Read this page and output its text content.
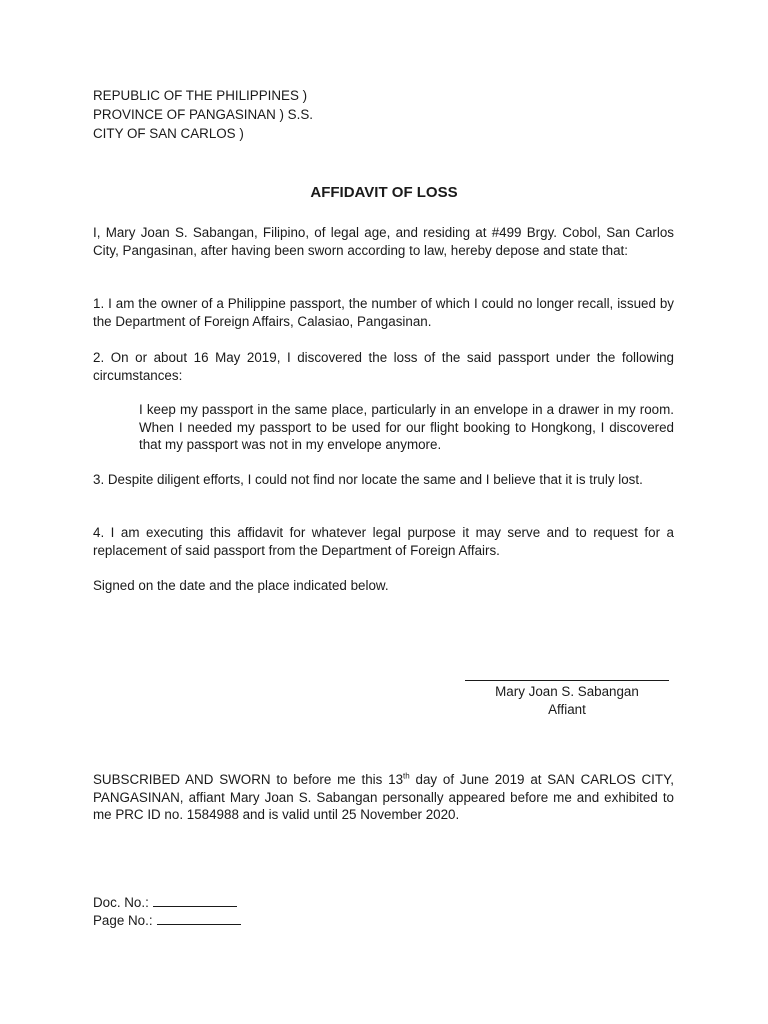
REPUBLIC OF THE PHILIPPINES )
PROVINCE OF PANGASINAN ) S.S.
CITY OF SAN CARLOS )
AFFIDAVIT OF LOSS

I, Mary Joan S. Sabangan, Filipino, of legal age, and residing at #499 Brgy. Cobol, San Carlos City, Pangasinan, after having been sworn according to law, hereby depose and state that:

1. I am the owner of a Philippine passport, the number of which I could no longer recall, issued by the Department of Foreign Affairs, Calasiao, Pangasinan.

2. On or about 16 May 2019, I discovered the loss of the said passport under the following circumstances:

I keep my passport in the same place, particularly in an envelope in a drawer in my room. When I needed my passport to be used for our flight booking to Hongkong, I discovered that my passport was not in my envelope anymore.

3. Despite diligent efforts, I could not find nor locate the same and I believe that it is truly lost.

4. I am executing this affidavit for whatever legal purpose it may serve and to request for a replacement of said passport from the Department of Foreign Affairs.

Signed on the date and the place indicated below.

Mary Joan S. Sabangan
Affiant

SUBSCRIBED AND SWORN to before me this 13th day of June 2019 at SAN CARLOS CITY, PANGASINAN, affiant Mary Joan S. Sabangan personally appeared before me and exhibited to me PRC ID no. 1584988 and is valid until 25 November 2020.

Doc. No.:
Page No.:
